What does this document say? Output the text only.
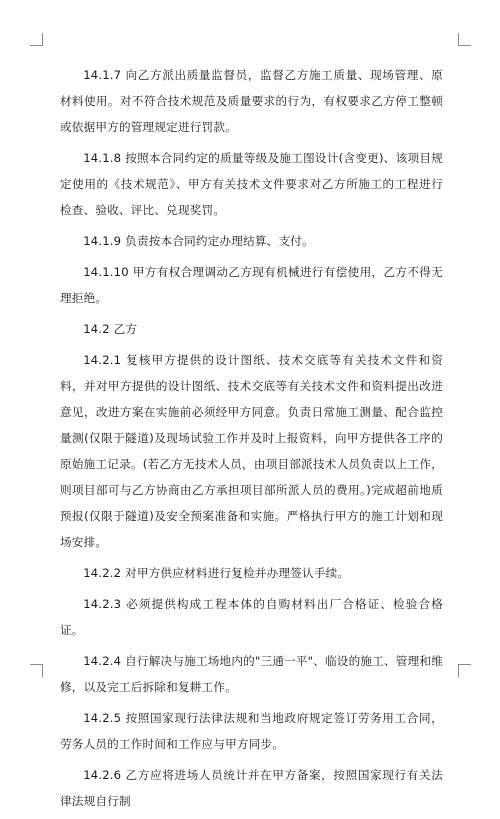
14.1.7 向乙方派出质量监督员，监督乙方施工质量、现场管理、原材料使用。对不符合技术规范及质量要求的行为，有权要求乙方停工整顿或依据甲方的管理规定进行罚款。

14.1.8 按照本合同约定的质量等级及施工图设计(含变更)、该项目规定使用的《技术规范》、甲方有关技术文件要求对乙方所施工的工程进行检查、验收、评比、兑现奖罚。

14.1.9 负责按本合同约定办理结算、支付。

14.1.10 甲方有权合理调动乙方现有机械进行有偿使用，乙方不得无理拒绝。

14.2 乙方

14.2.1 复核甲方提供的设计图纸、技术交底等有关技术文件和资料，并对甲方提供的设计图纸、技术交底等有关技术文件和资料提出改进意见，改进方案在实施前必须经甲方同意。负责日常施工测量、配合监控量测(仅限于隧道)及现场试验工作并及时上报资料，向甲方提供各工序的原始施工记录。(若乙方无技术人员，由项目部派技术人员负责以上工作，则项目部可与乙方协商由乙方承担项目部所派人员的费用。)完成超前地质预报(仅限于隧道)及安全预案准备和实施。严格执行甲方的施工计划和现场安排。

14.2.2 对甲方供应材料进行复检并办理签认手续。

14.2.3 必须提供构成工程本体的自购材料出厂合格证、检验合格证。

14.2.4 自行解决与施工场地内的"三通一平"、临设的施工、管理和维修，以及完工后拆除和复耕工作。

14.2.5 按照国家现行法律法规和当地政府规定签订劳务用工合同，劳务人员的工作时间和工作应与甲方同步。

14.2.6 乙方应将进场人员统计并在甲方备案，按照国家现行有关法律法规自行制
